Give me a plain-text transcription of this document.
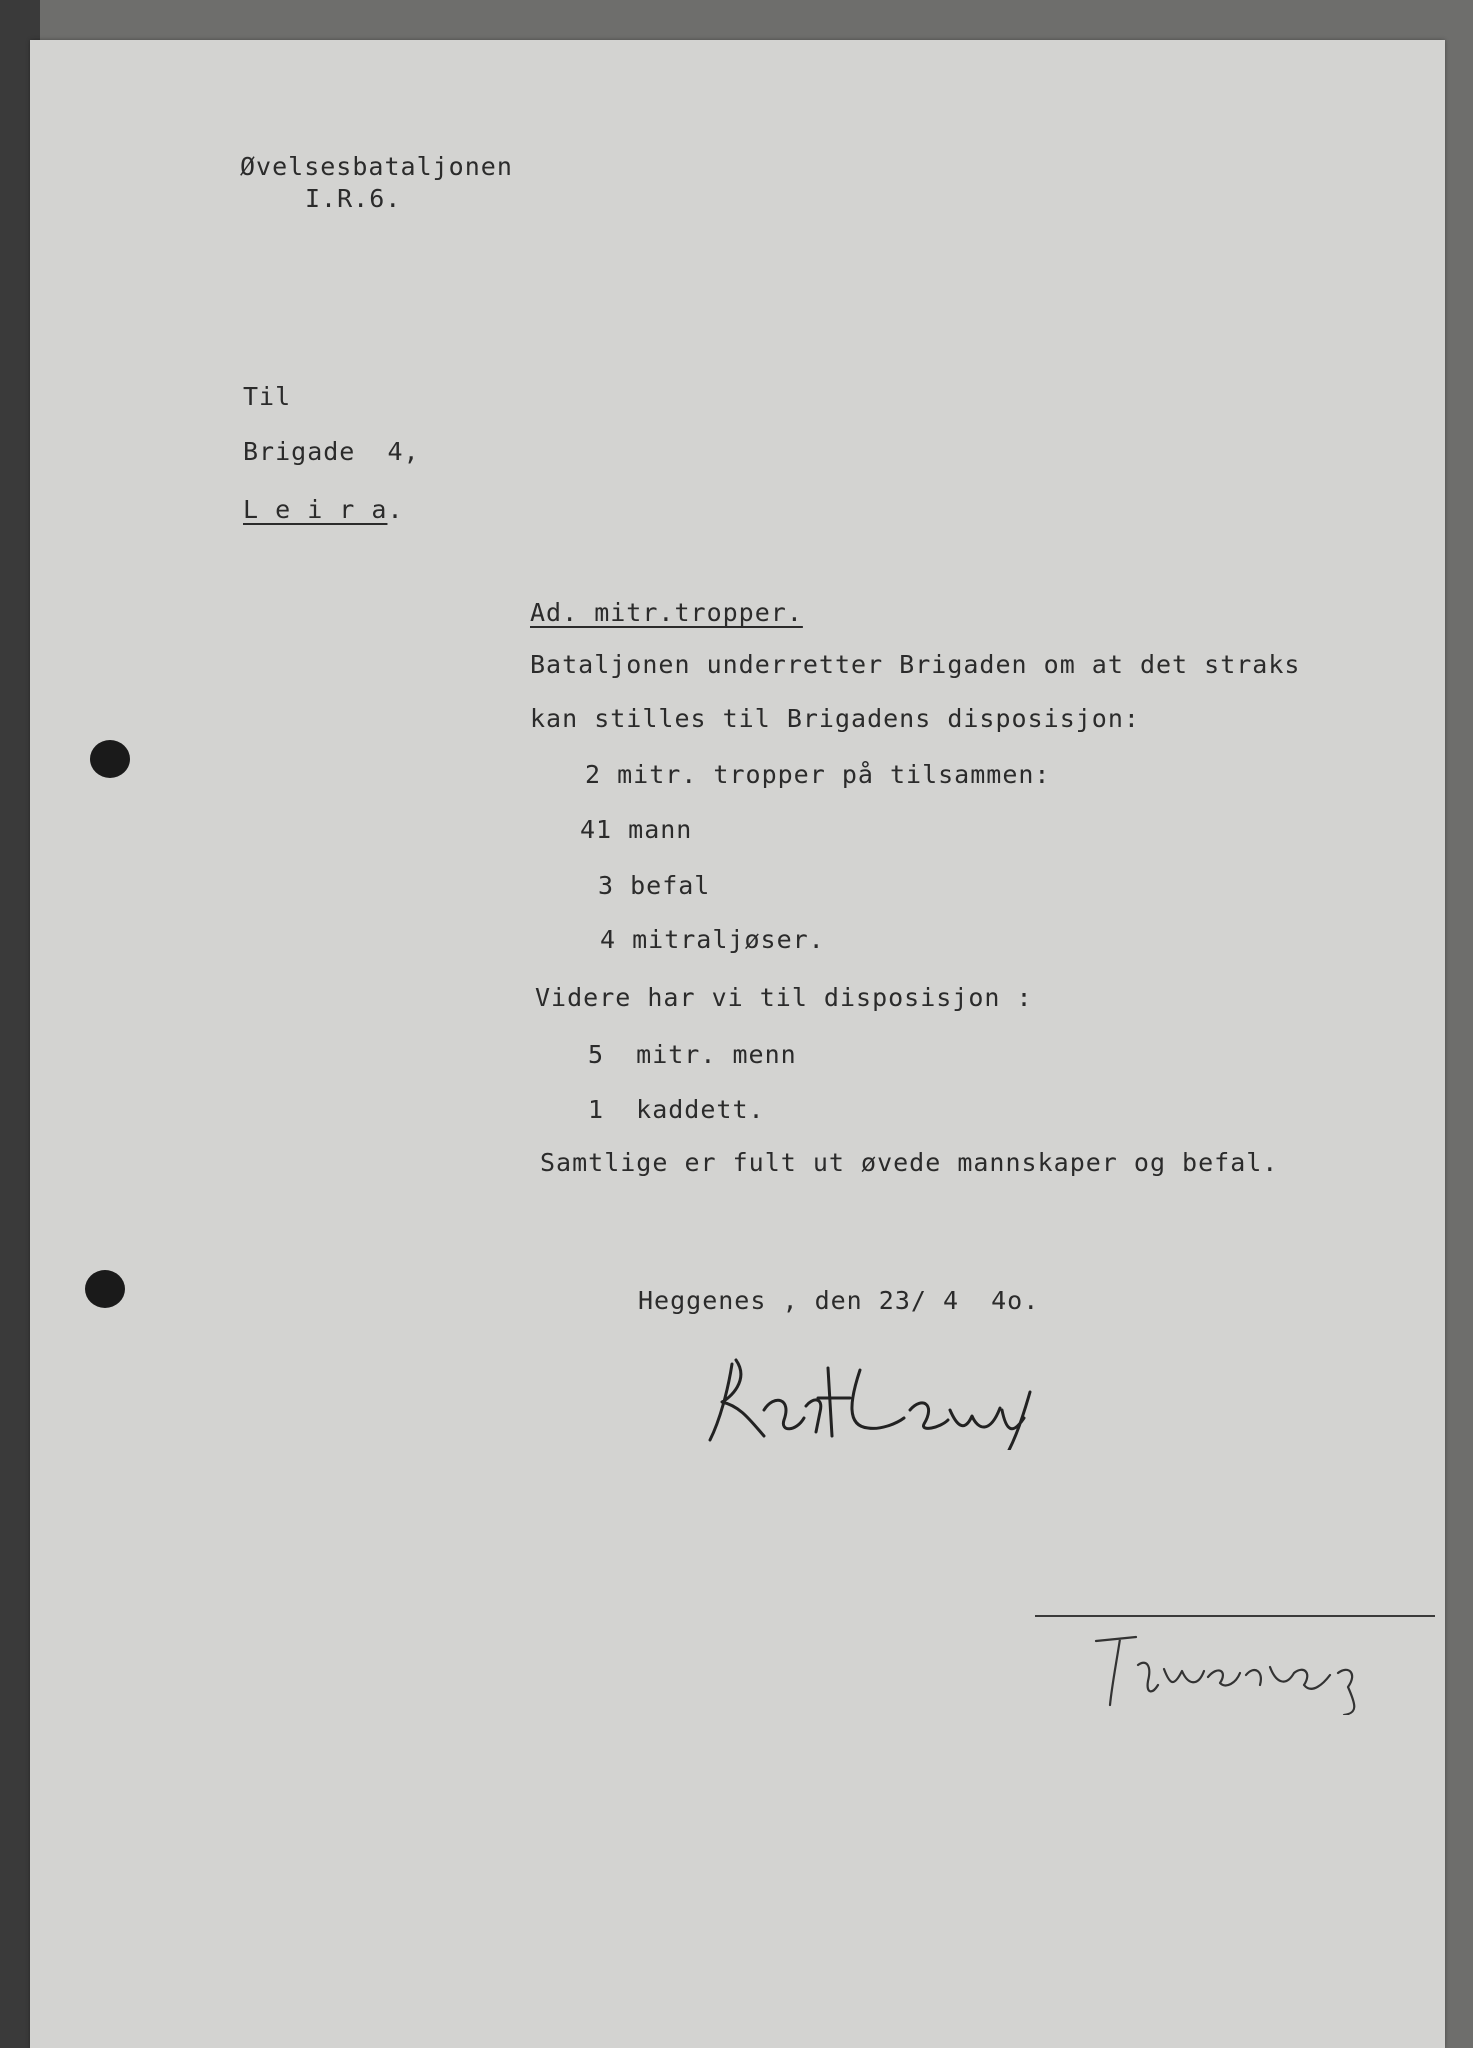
Øvelsesbataljonen
I.R.6.
Til
Brigade  4,
L e i r a.
Ad. mitr.tropper.
Bataljonen underretter Brigaden om at det straks
kan stilles til Brigadens disposisjon:
2 mitr. tropper på tilsammen:
41 mann
3 befal
4 mitraljøser.
Videre har vi til disposisjon :
5  mitr. menn
1  kaddett.
Samtlige er fult ut øvede mannskaper og befal.
Heggenes , den 23/ 4  4o.
